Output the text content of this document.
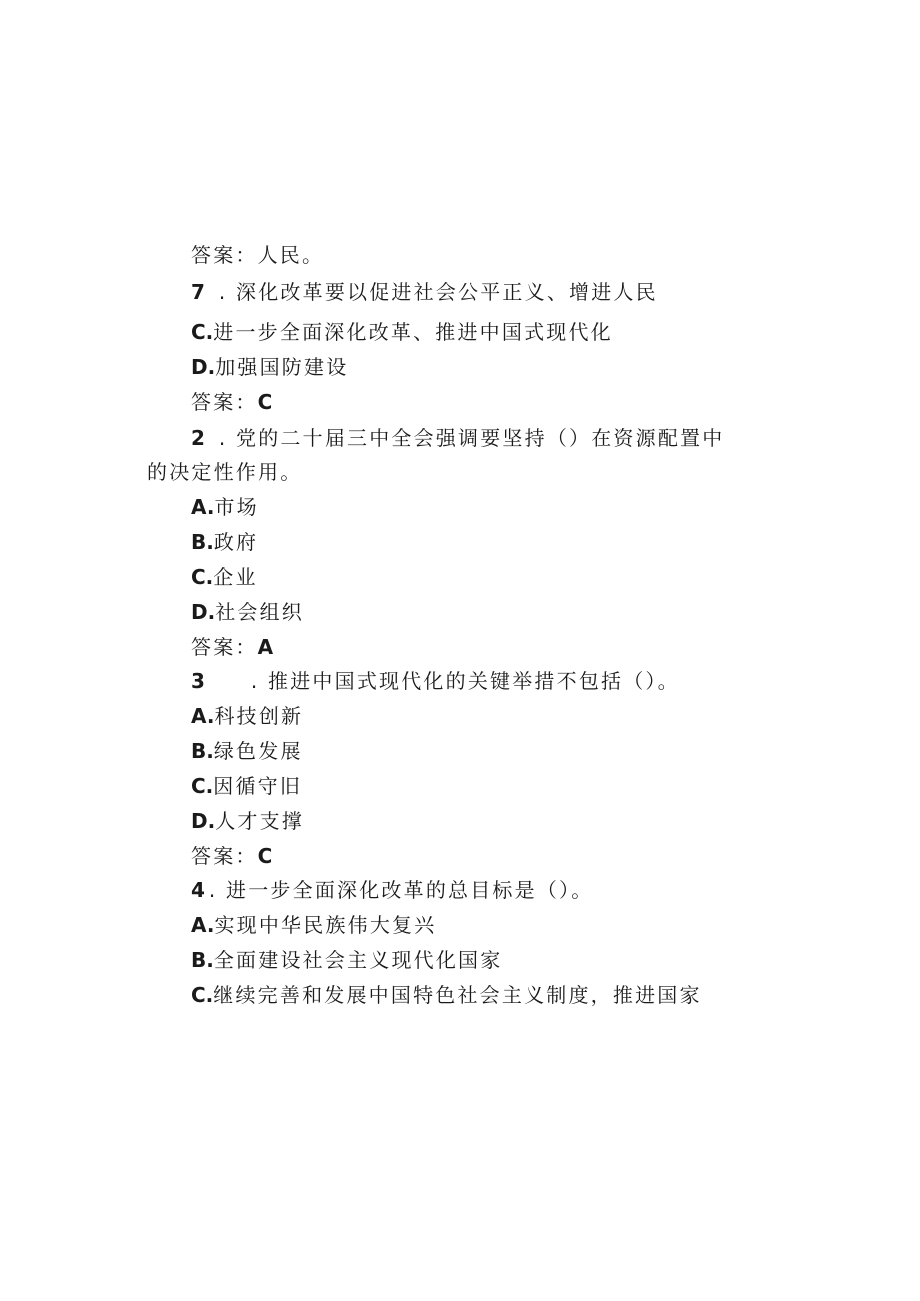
答案：人民。
7 . 深化改革要以促进社会公平正义、增进人民
C.进一步全面深化改革、推进中国式现代化
D.加强国防建设
答案：C
2 . 党的二十届三中全会强调要坚持（）在资源配置中
的决定性作用。
A.市场
B.政府
C.企业
D.社会组织
答案：A
3 . 推进中国式现代化的关键举措不包括（）。
A.科技创新
B.绿色发展
C.因循守旧
D.人才支撑
答案：C
4 . 进一步全面深化改革的总目标是（）。
A.实现中华民族伟大复兴
B.全面建设社会主义现代化国家
C.继续完善和发展中国特色社会主义制度，推进国家
